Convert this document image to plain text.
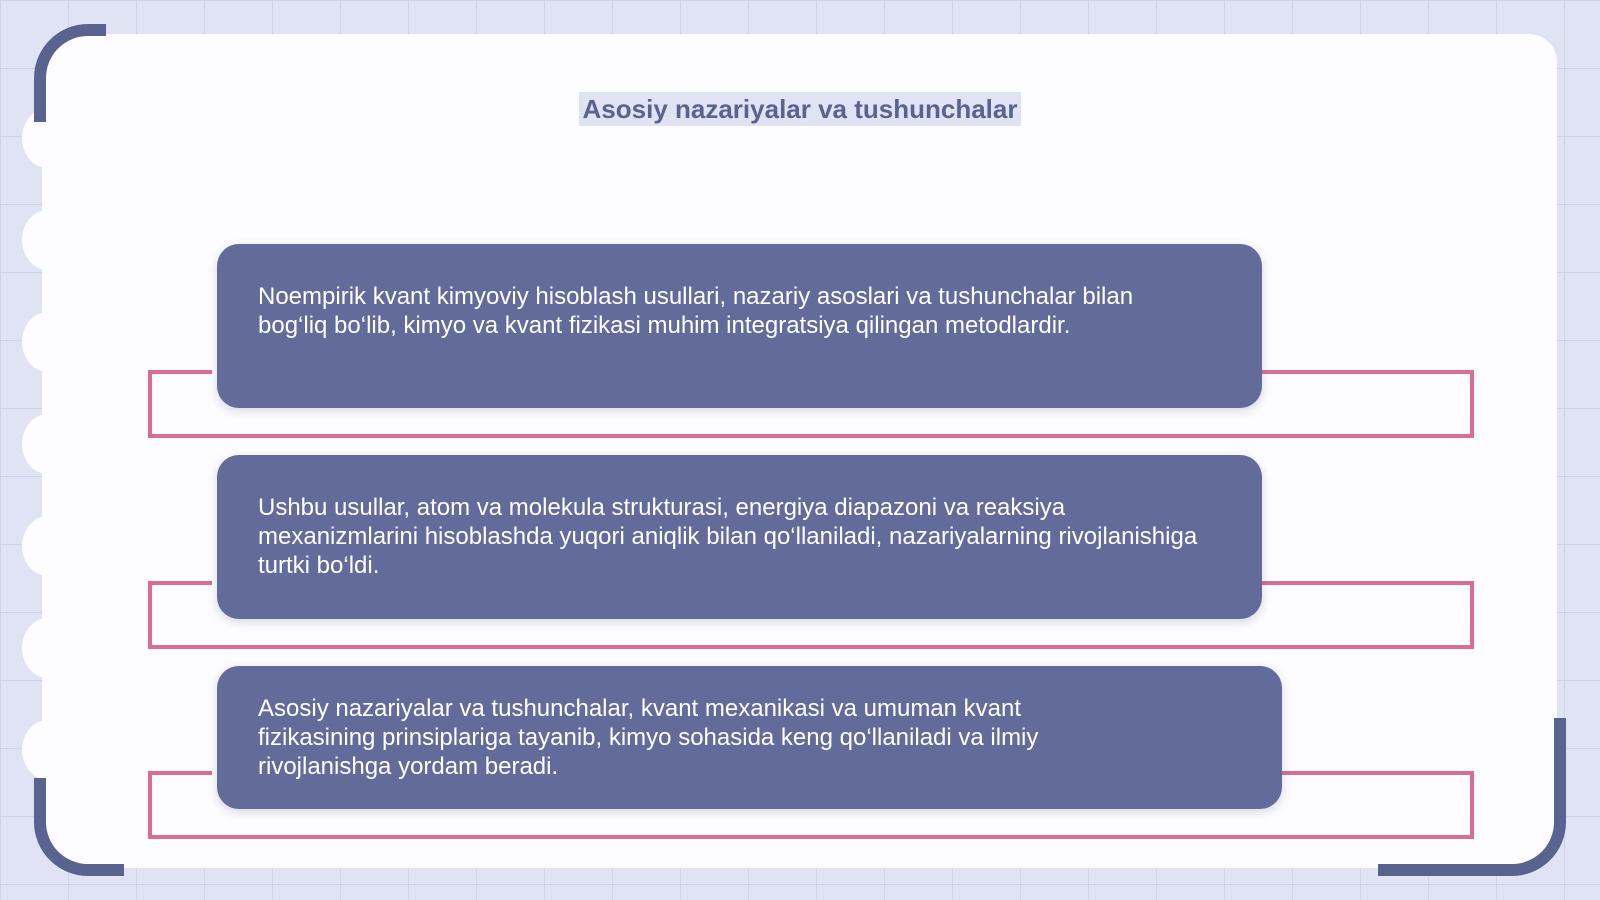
Asosiy nazariyalar va tushunchalar

Noempirik kvant kimyoviy hisoblash usullari, nazariy asoslari va tushunchalar bilan bog‘liq bo‘lib, kimyo va kvant fizikasi muhim integratsiya qilingan metodlardir.

Ushbu usullar, atom va molekula strukturasi, energiya diapazoni va reaksiya mexanizmlarini hisoblashda yuqori aniqlik bilan qo‘llaniladi, nazariyalarning rivojlanishiga turtki bo‘ldi.

Asosiy nazariyalar va tushunchalar, kvant mexanikasi va umuman kvant fizikasining prinsiplariga tayanib, kimyo sohasida keng qo‘llaniladi va ilmiy rivojlanishga yordam beradi.
